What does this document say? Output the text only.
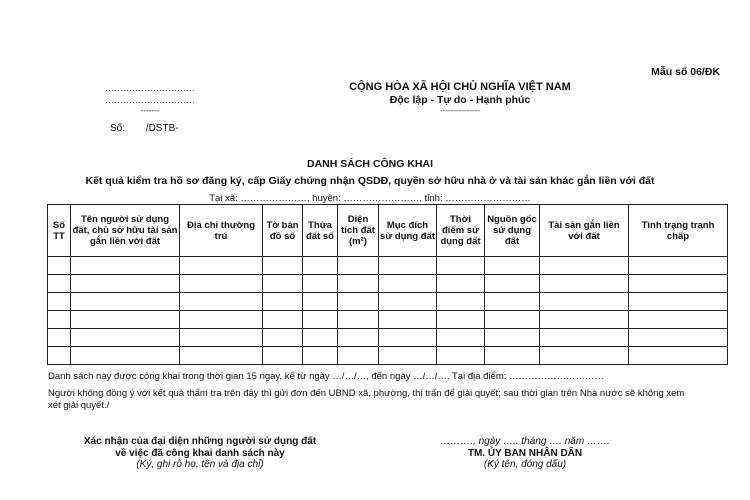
Mẫu số 06/ĐK
…………………………
…………………………
-------
Số: /DSTB-
CỘNG HÒA XÃ HỘI CHỦ NGHĨA VIỆT NAM
Độc lập - Tự do - Hạnh phúc
---------------
DANH SÁCH CÔNG KHAI
Kết quả kiểm tra hồ sơ đăng ký, cấp Giấy chứng nhận QSDĐ, quyền sở hữu nhà ở và tài sản khác gắn liền với đất
Tại xã: …………………, huyện: ……………………, tỉnh: ………………………
Số TT	Tên người sử dụng đất, chủ sở hữu tài sản gắn liền với đất	Địa chỉ thường trú	Tờ bản đồ số	Thửa đất số	Diện tích đất (m²)	Mục đích sử dụng đất	Thời điểm sử dụng đất	Nguồn gốc sử dụng đất	Tài sản gắn liền với đất	Tình trạng tranh chấp

Danh sách này được công khai trong thời gian 15 ngày, kể từ ngày …/…/…, đến ngày …/…/…. Tại địa điểm: …………………………
Người không đồng ý với kết quả thẩm tra trên đây thì gửi đơn đến UBND xã, phường, thị trấn để giải quyết; sau thời gian trên Nhà nước sẽ không xem xét giải quyết./
Xác nhận của đại diện những người sử dụng đất
về việc đã công khai danh sách này
(Ký, ghi rõ họ, tên và địa chỉ)
………., ngày ….. tháng …. năm …….
TM. ỦY BAN NHÂN DÂN
(Ký tên, đóng dấu)
